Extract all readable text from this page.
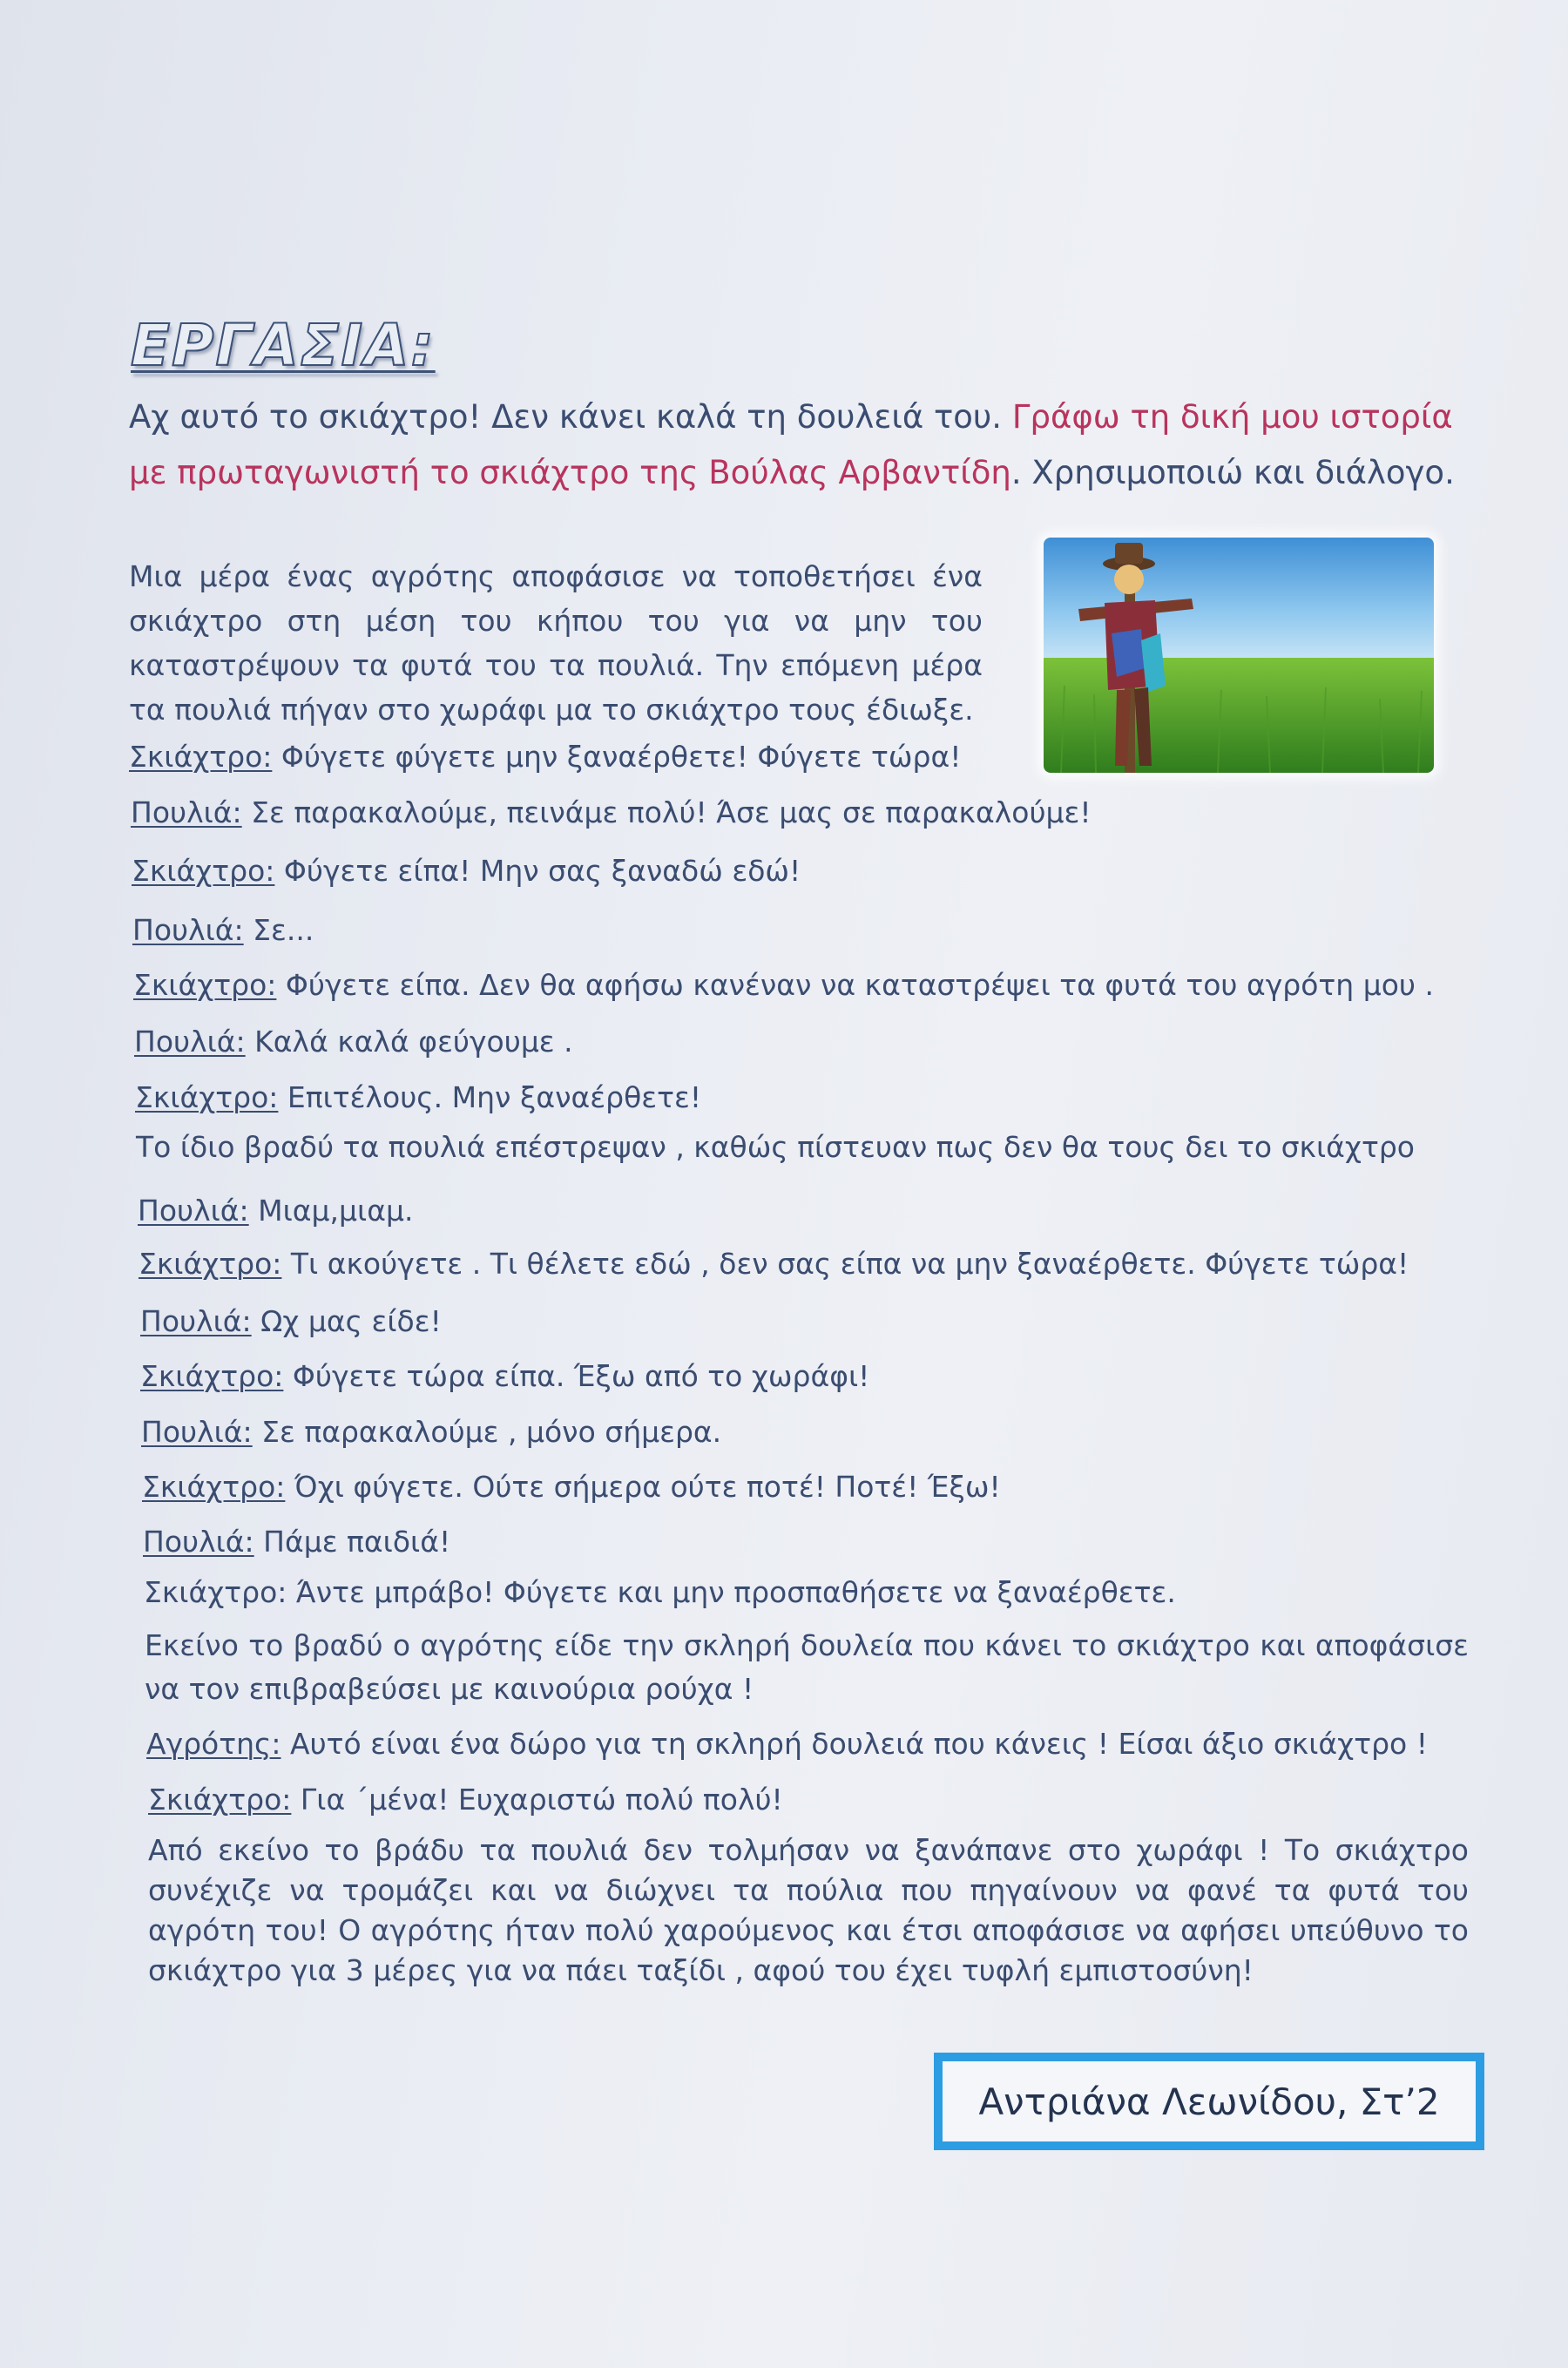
ΕΡΓΑΣΙΑ:
Αχ αυτό το σκιάχτρο! Δεν κάνει καλά τη δουλειά του. Γράφω τη δική μου ιστορία
με πρωταγωνιστή το σκιάχτρο της Βούλας Αρβαντίδη. Χρησιμοποιώ και διάλογο.
Μια μέρα ένας αγρότης αποφάσισε να τοποθετήσει ένα σκιάχτρο στη μέση του κήπου του για να μην του καταστρέψουν τα φυτά του τα πουλιά. Την επόμενη μέρα τα πουλιά πήγαν στο χωράφι μα το σκιάχτρο τους έδιωξε.
Σκιάχτρο: Φύγετε φύγετε μην ξαναέρθετε! Φύγετε τώρα!
Πουλιά: Σε παρακαλούμε, πεινάμε πολύ! Άσε μας σε παρακαλούμε!
Σκιάχτρο: Φύγετε είπα! Μην σας ξαναδώ εδώ!
Πουλιά: Σε...
Σκιάχτρο: Φύγετε είπα. Δεν θα αφήσω κανέναν να καταστρέψει τα φυτά του αγρότη μου .
Πουλιά: Καλά καλά φεύγουμε .
Σκιάχτρο: Επιτέλους. Μην ξαναέρθετε!
Το ίδιο βραδύ τα πουλιά επέστρεψαν , καθώς πίστευαν πως δεν θα τους δει το σκιάχτρο
Πουλιά: Μιαμ,μιαμ.
Σκιάχτρο: Τι ακούγετε . Τι θέλετε εδώ , δεν σας είπα να μην ξαναέρθετε. Φύγετε τώρα!
Πουλιά: Ωχ μας είδε!
Σκιάχτρο: Φύγετε τώρα είπα. Έξω από το χωράφι!
Πουλιά: Σε παρακαλούμε , μόνο σήμερα.
Σκιάχτρο: Όχι φύγετε. Ούτε σήμερα ούτε ποτέ! Ποτέ! Έξω!
Πουλιά: Πάμε παιδιά!
Σκιάχτρο: Άντε μπράβο! Φύγετε και μην προσπαθήσετε να ξαναέρθετε.
Εκείνο το βραδύ ο αγρότης είδε την σκληρή δουλεία που κάνει το σκιάχτρο και αποφάσισε να τον επιβραβεύσει με καινούρια ρούχα !
Αγρότης: Αυτό είναι ένα δώρο για τη σκληρή δουλειά που κάνεις ! Είσαι άξιο σκιάχτρο !
Σκιάχτρο: Για ΄μένα! Ευχαριστώ πολύ πολύ!
Από εκείνο το βράδυ τα πουλιά δεν τολμήσαν να ξανάπανε στο χωράφι ! Το σκιάχτρο συνέχιζε να τρομάζει και να διώχνει τα πούλια που πηγαίνουν να φανέ τα φυτά του αγρότη του! Ο αγρότης ήταν πολύ χαρούμενος και έτσι αποφάσισε να αφήσει υπεύθυνο το σκιάχτρο για 3 μέρες για να πάει ταξίδι , αφού του έχει τυφλή εμπιστοσύνη!
Αντριάνα Λεωνίδου, Στ’2
